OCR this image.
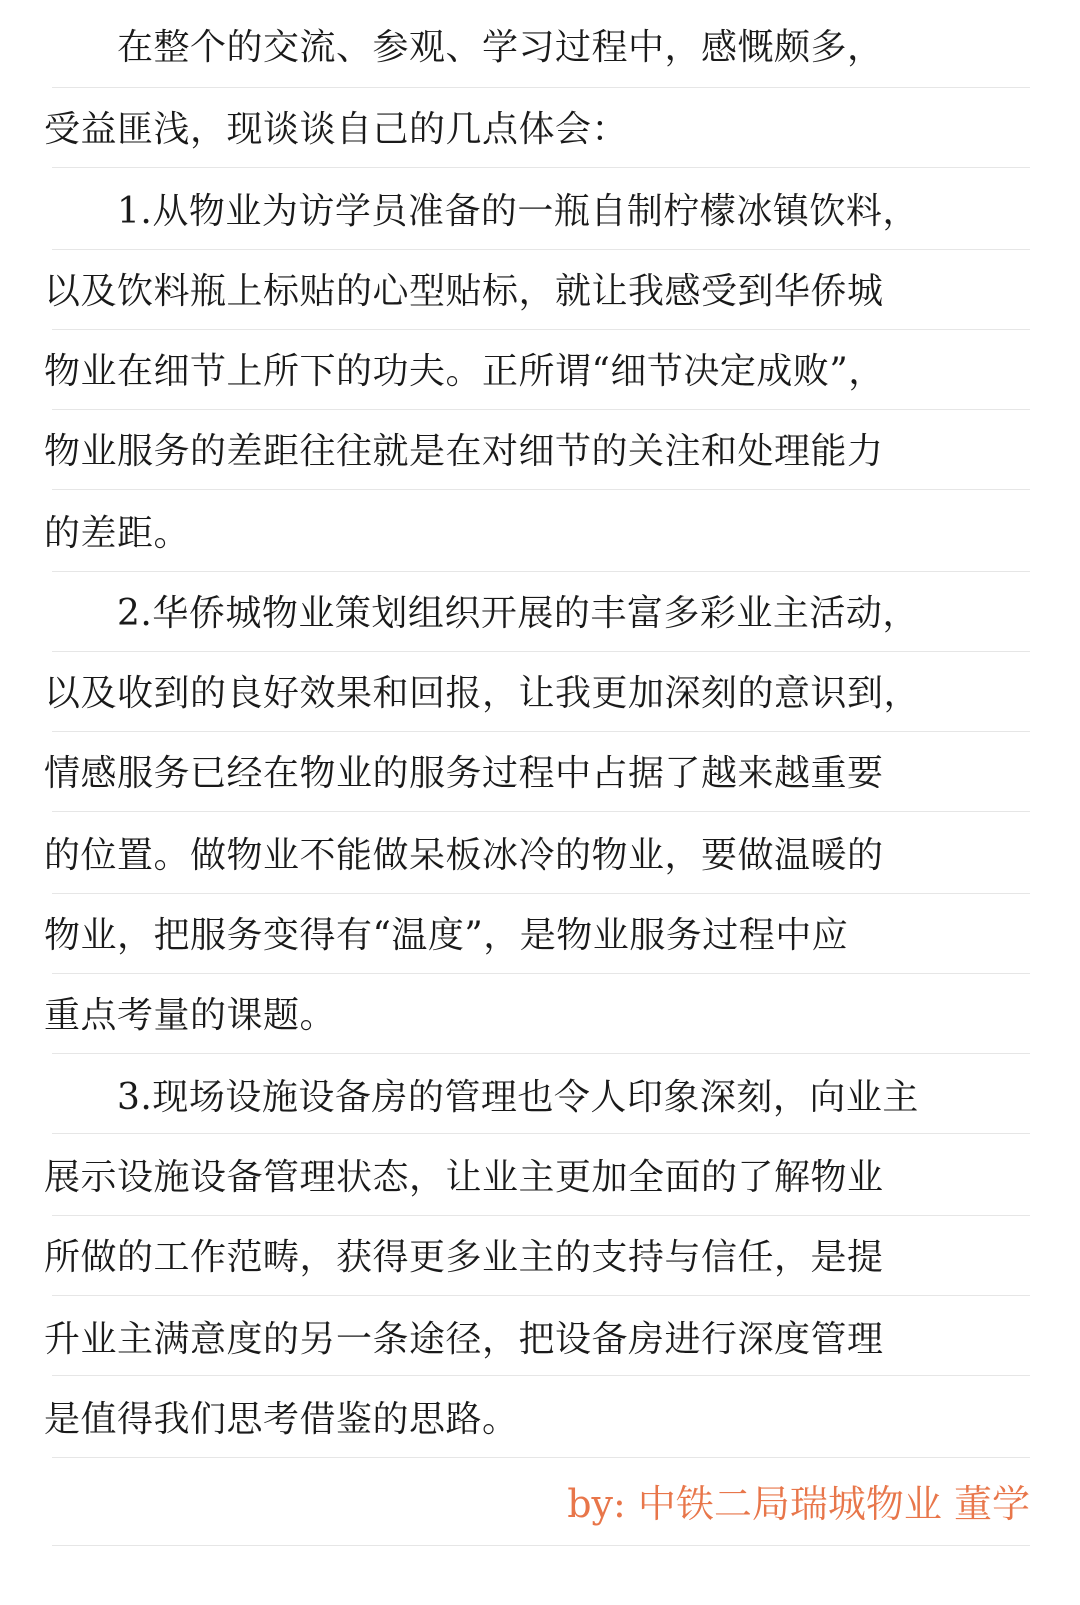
　　在整个的交流、参观、学习过程中，感慨颇多，
受益匪浅，现谈谈自己的几点体会：
　　1.从物业为访学员准备的一瓶自制柠檬冰镇饮料，
以及饮料瓶上标贴的心型贴标，就让我感受到华侨城
物业在细节上所下的功夫。正所谓“细节决定成败”，
物业服务的差距往往就是在对细节的关注和处理能力
的差距。
　　2.华侨城物业策划组织开展的丰富多彩业主活动，
以及收到的良好效果和回报，让我更加深刻的意识到，
情感服务已经在物业的服务过程中占据了越来越重要
的位置。做物业不能做呆板冰冷的物业，要做温暖的
物业，把服务变得有“温度”，是物业服务过程中应
重点考量的课题。
　　3.现场设施设备房的管理也令人印象深刻，向业主
展示设施设备管理状态，让业主更加全面的了解物业
所做的工作范畴，获得更多业主的支持与信任，是提
升业主满意度的另一条途径，把设备房进行深度管理
是值得我们思考借鉴的思路。
by: 中铁二局瑞城物业 董学
